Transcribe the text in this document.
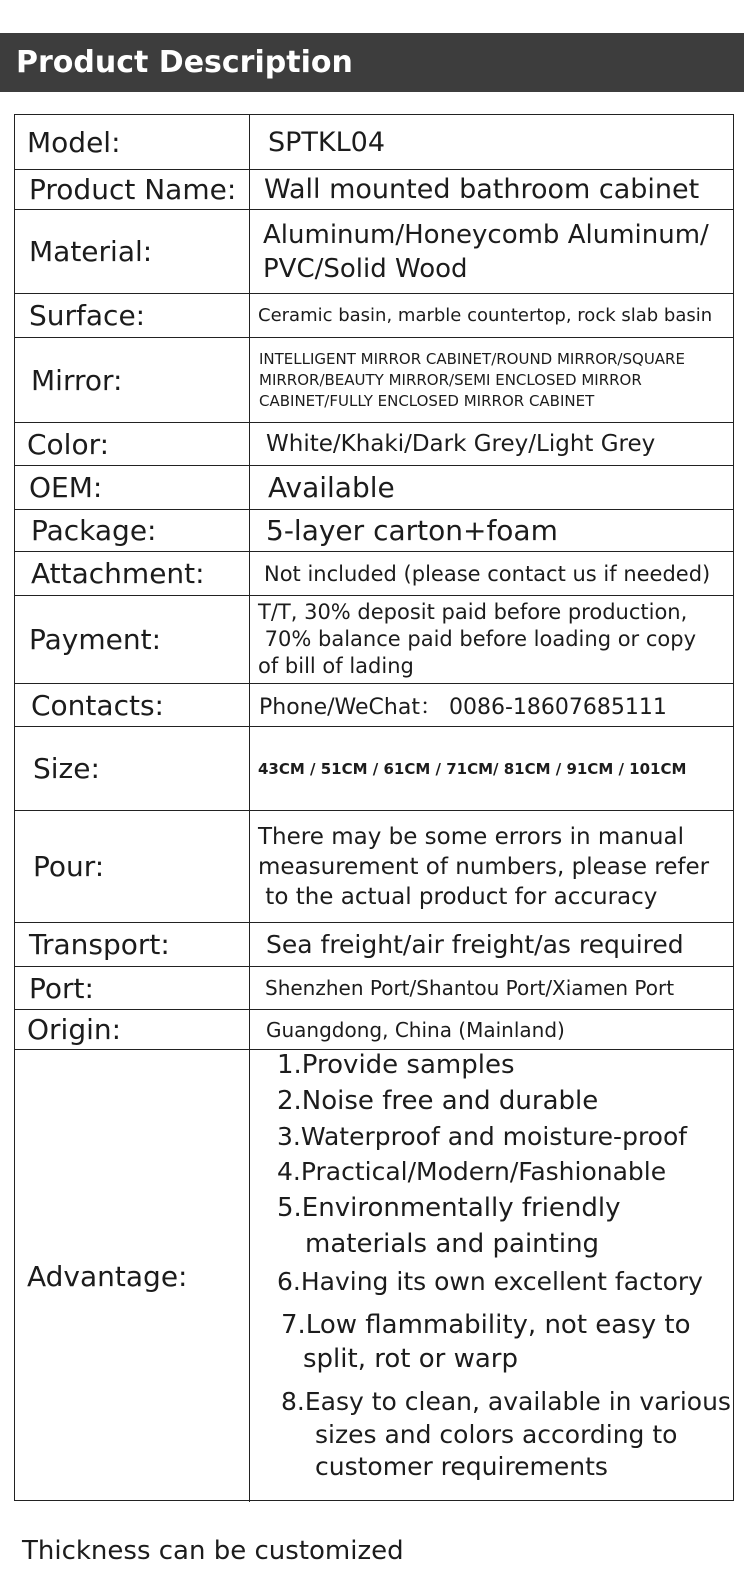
Product Description
Model:	SPTKL04
Product Name:	Wall mounted bathroom cabinet
Material:
Aluminum/Honeycomb Aluminum/
PVC/Solid Wood
Surface:	Ceramic basin, marble countertop, rock slab basin
Mirror:
INTELLIGENT MIRROR CABINET/ROUND MIRROR/SQUARE
MIRROR/BEAUTY MIRROR/SEMI ENCLOSED MIRROR
CABINET/FULLY ENCLOSED MIRROR CABINET
Color:	White/Khaki/Dark Grey/Light Grey
OEM:	Available
Package:	5-layer carton+foam
Attachment:	Not included (please contact us if needed)
Payment:
T/T, 30% deposit paid before production,
70% balance paid before loading or copy
of bill of lading
Contacts:	Phone/WeChat： 0086-18607685111
Size:	43CM / 51CM / 61CM / 71CM/ 81CM / 91CM / 101CM
Pour:
There may be some errors in manual
measurement of numbers, please refer
to the actual product for accuracy
Transport:	Sea freight/air freight/as required
Port:	Shenzhen Port/Shantou Port/Xiamen Port
Origin:	Guangdong, China (Mainland)
Advantage:
1.Provide samples
2.Noise free and durable
3.Waterproof and moisture-proof
4.Practical/Modern/Fashionable
5.Environmentally friendly
materials and painting
6.Having its own excellent factory
7.Low flammability, not easy to
split, rot or warp
8.Easy to clean, available in various
sizes and colors according to
customer requirements
Thickness can be customized
